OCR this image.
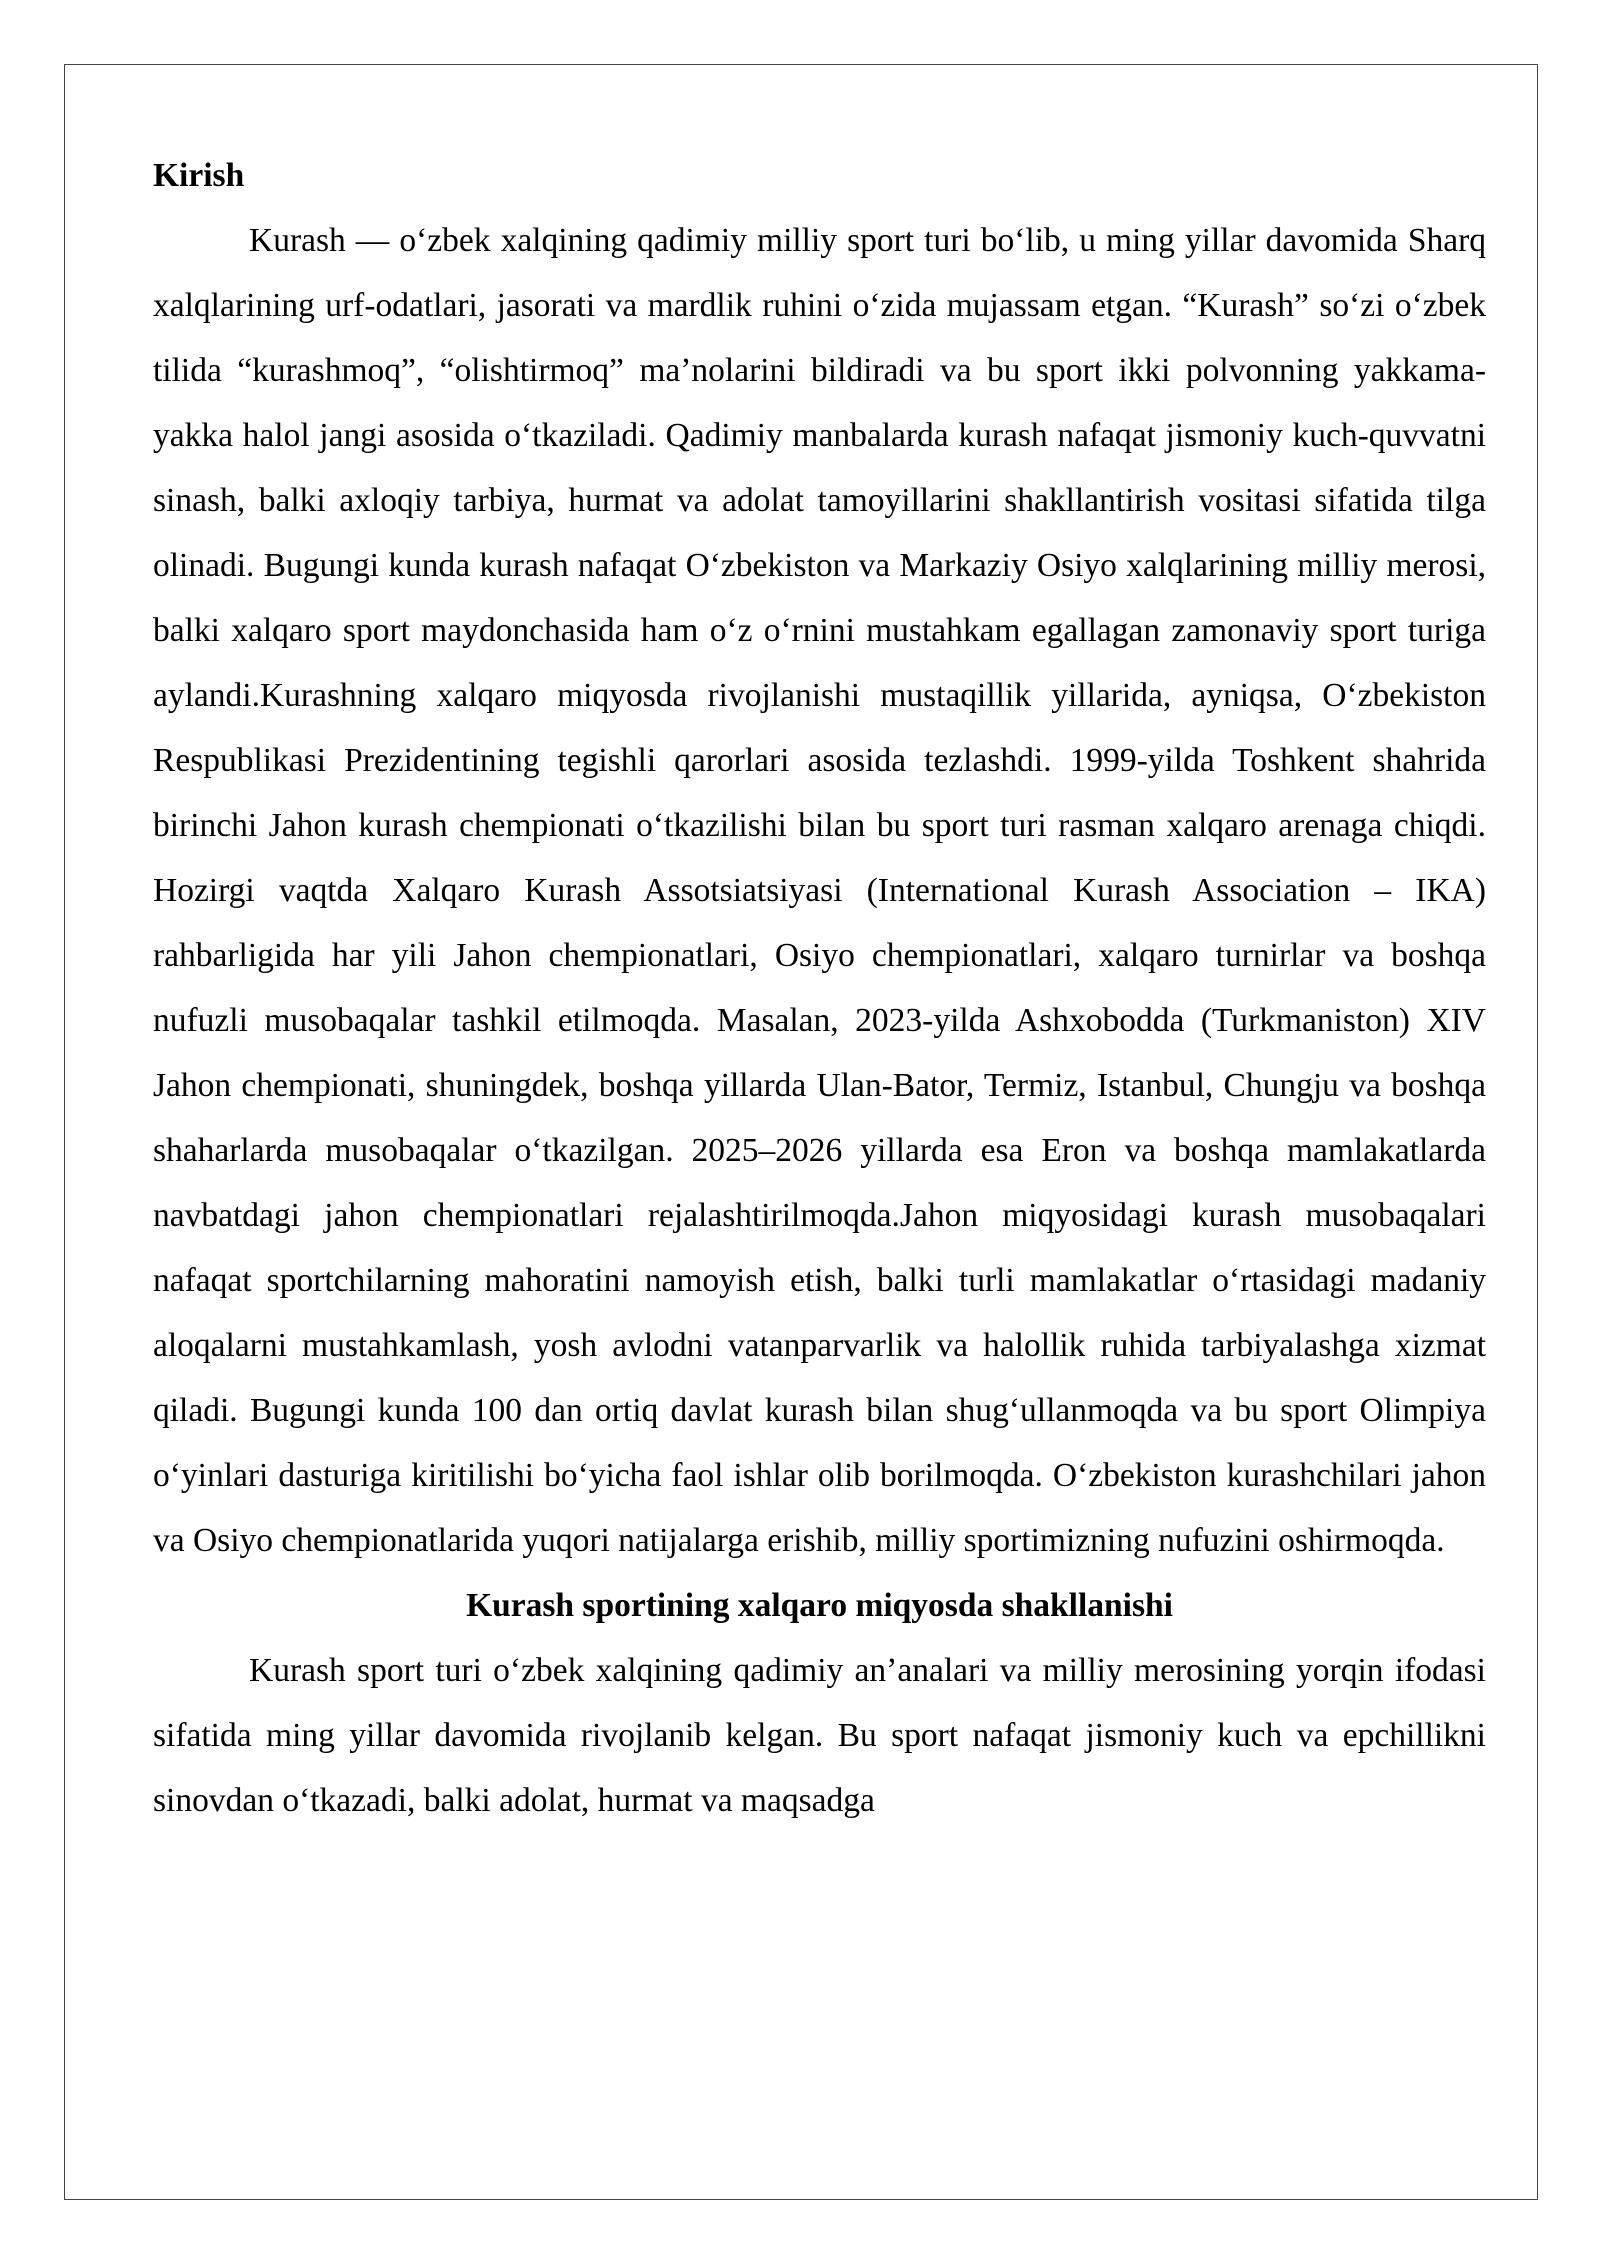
Kirish

Kurash — oʻzbek xalqining qadimiy milliy sport turi boʻlib, u ming yillar davomida Sharq xalqlarining urf-odatlari, jasorati va mardlik ruhini oʻzida mujassam etgan. “Kurash” soʻzi oʻzbek tilida “kurashmoq”, “olishtirmoq” maʼnolarini bildiradi va bu sport ikki polvonning yakkama-yakka halol jangi asosida oʻtkaziladi. Qadimiy manbalarda kurash nafaqat jismoniy kuch-quvvatni sinash, balki axloqiy tarbiya, hurmat va adolat tamoyillarini shakllantirish vositasi sifatida tilga olinadi. Bugungi kunda kurash nafaqat Oʻzbekiston va Markaziy Osiyo xalqlarining milliy merosi, balki xalqaro sport maydonchasida ham oʻz oʻrnini mustahkam egallagan zamonaviy sport turiga aylandi.Kurashning xalqaro miqyosda rivojlanishi mustaqillik yillarida, ayniqsa, Oʻzbekiston Respublikasi Prezidentining tegishli qarorlari asosida tezlashdi. 1999-yilda Toshkent shahrida birinchi Jahon kurash chempionati oʻtkazilishi bilan bu sport turi rasman xalqaro arenaga chiqdi. Hozirgi vaqtda Xalqaro Kurash Assotsiatsiyasi (International Kurash Association – IKA) rahbarligida har yili Jahon chempionatlari, Osiyo chempionatlari, xalqaro turnirlar va boshqa nufuzli musobaqalar tashkil etilmoqda. Masalan, 2023-yilda Ashxobodda (Turkmaniston) XIV Jahon chempionati, shuningdek, boshqa yillarda Ulan-Bator, Termiz, Istanbul, Chungju va boshqa shaharlarda musobaqalar oʻtkazilgan. 2025–2026 yillarda esa Eron va boshqa mamlakatlarda navbatdagi jahon chempionatlari rejalashtirilmoqda.Jahon miqyosidagi kurash musobaqalari nafaqat sportchilarning mahoratini namoyish etish, balki turli mamlakatlar oʻrtasidagi madaniy aloqalarni mustahkamlash, yosh avlodni vatanparvarlik va halollik ruhida tarbiyalashga xizmat qiladi. Bugungi kunda 100 dan ortiq davlat kurash bilan shugʻullanmoqda va bu sport Olimpiya oʻyinlari dasturiga kiritilishi boʻyicha faol ishlar olib borilmoqda. Oʻzbekiston kurashchilari jahon va Osiyo chempionatlarida yuqori natijalarga erishib, milliy sportimizning nufuzini oshirmoqda.

Kurash sportining xalqaro miqyosda shakllanishi

Kurash sport turi oʻzbek xalqining qadimiy anʼanalari va milliy merosining yorqin ifodasi sifatida ming yillar davomida rivojlanib kelgan. Bu sport nafaqat jismoniy kuch va epchillikni sinovdan oʻtkazadi, balki adolat, hurmat va maqsadga
